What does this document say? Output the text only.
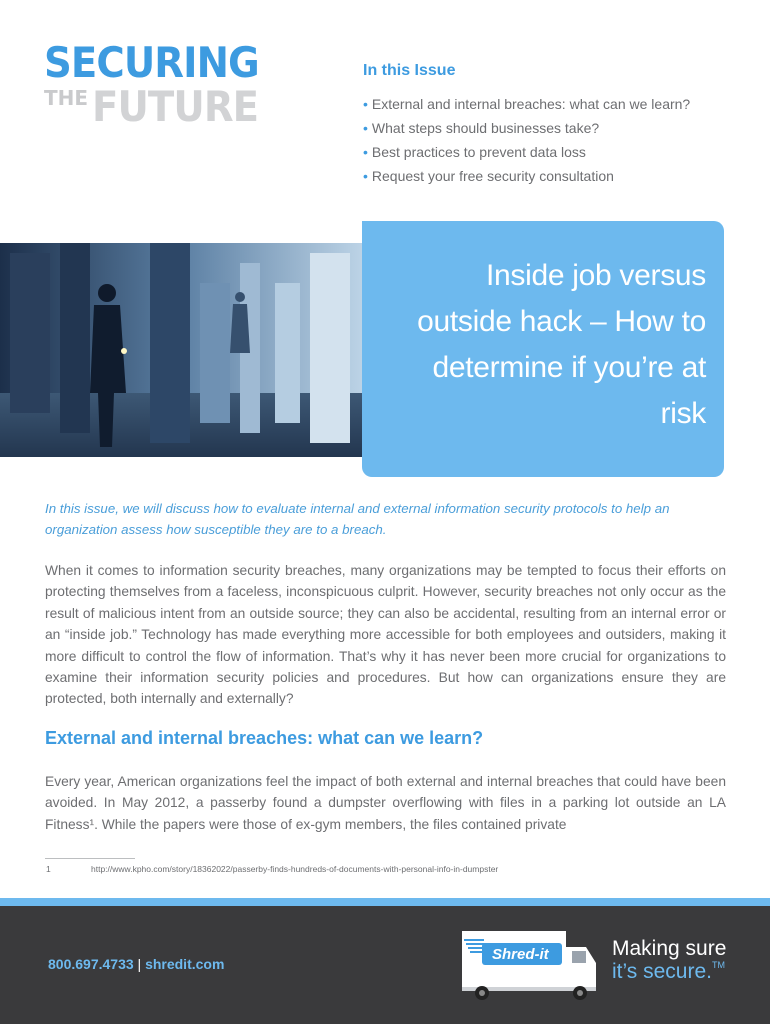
SECURING
THE FUTURE
In this Issue
• External and internal breaches: what can we learn?
• What steps should businesses take?
• Best practices to prevent data loss
• Request your free security consultation
Inside job versus outside hack – How to determine if you’re at risk

In this issue, we will discuss how to evaluate internal and external information security protocols to help an organization assess how susceptible they are to a breach.

When it comes to information security breaches, many organizations may be tempted to focus their efforts on protecting themselves from a faceless, inconspicuous culprit. However, security breaches not only occur as the result of malicious intent from an outside source; they can also be accidental, resulting from an internal error or an “inside job.” Technology has made everything more accessible for both employees and outsiders, making it more difficult to control the flow of information. That’s why it has never been more crucial for organizations to examine their information security policies and procedures. But how can organizations ensure they are protected, both internally and externally?

External and internal breaches: what can we learn?

Every year, American organizations feel the impact of both external and internal breaches that could have been avoided. In May 2012, a passerby found a dumpster overflowing with files in a parking lot outside an LA Fitness¹. While the papers were those of ex-gym members, the files contained private

1	http://www.kpho.com/story/18362022/passerby-finds-hundreds-of-documents-with-personal-info-in-dumpster
800.697.4733 | shredit.com
Shred-it	Making sure
it’s secure.™
